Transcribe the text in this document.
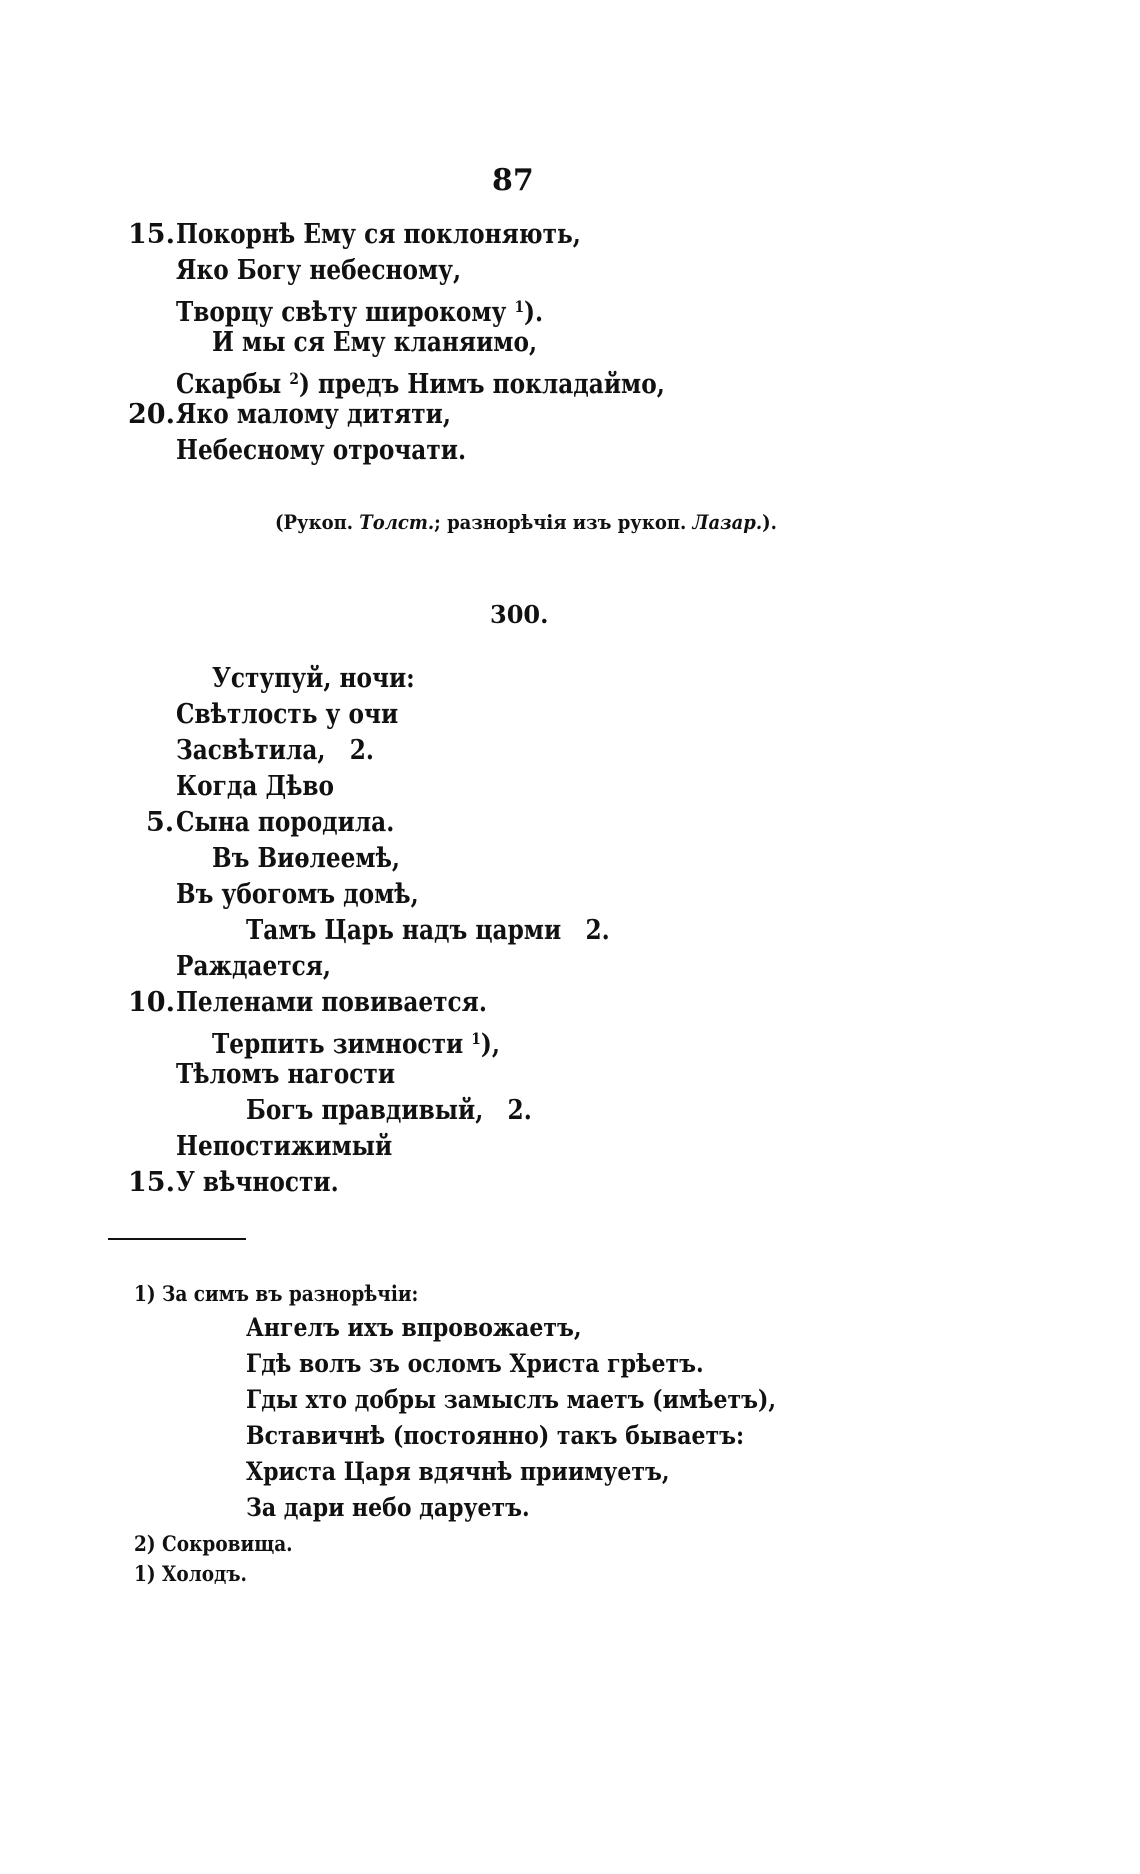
87
15. Покорнѣ Ему ся поклоняють,
Яко Богу небесному,
Творцу свѣту широкому $^1$).
И мы ся Ему кланяимо,
Скарбы $^2$) предъ Нимъ покладаймо,
20. Яко малому дитяти,
Небесному отрочати.
(Рукоп. Толст.; разнорѣчія изъ рукоп. Лазар.).
300.
Уступуй, ночи:
Свѣтлость у очи
Засвѣтила, 2.
Когда Дѣво
5. Сына породила.
Въ Виѳлеемѣ,
Въ убогомъ домѣ,
Тамъ Царь надъ царми 2.
Раждается,
10. Пеленами повивается.
Терпить зимности $^1$),
Тѣломъ нагости
Богъ правдивый, 2.
Непостижимый
15. У вѣчности.
1) За симъ въ разнорѣчіи:
Ангелъ ихъ впровожаетъ,
Гдѣ волъ зъ осломъ Христа грѣетъ.
Гды хто добры замыслъ маетъ (имѣетъ),
Вставичнѣ (постоянно) такъ бываетъ:
Христа Царя вдячнѣ приимуетъ,
За дари небо даруетъ.
2) Сокровища.
1) Холодъ.
